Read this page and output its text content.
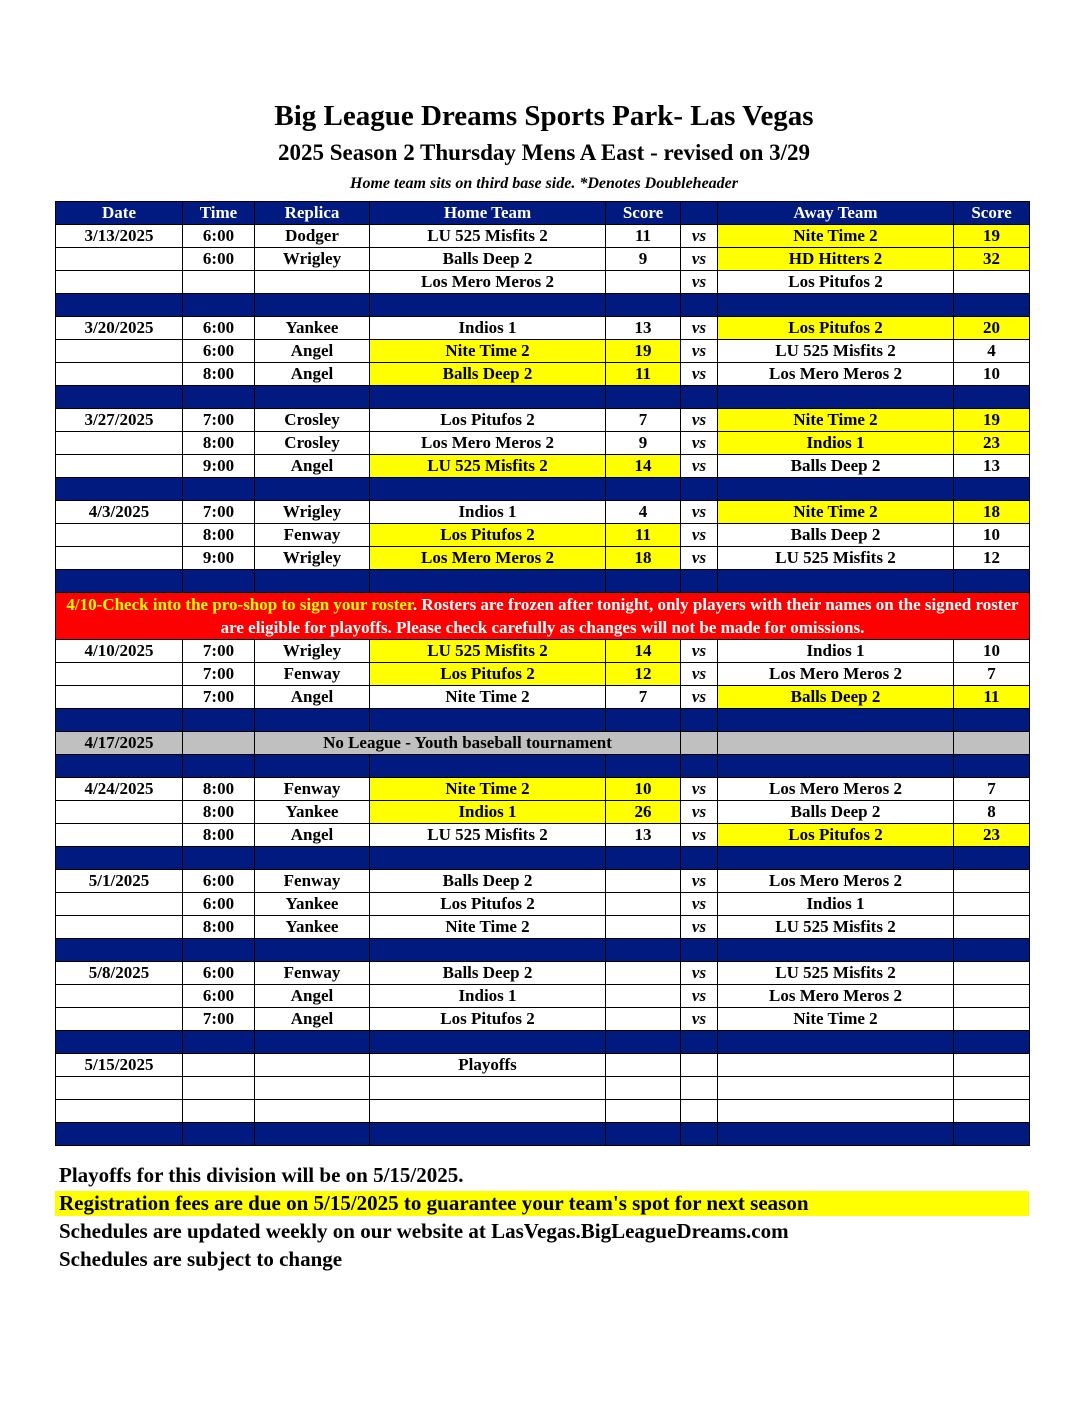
Big League Dreams Sports Park- Las Vegas
2025 Season 2 Thursday Mens A East - revised on 3/29
Home team sits on third base side. *Denotes Doubleheader
Date	Time	Replica	Home Team	Score		Away Team	Score
3/13/2025	6:00	Dodger	LU 525 Misfits 2	11	vs	Nite Time 2	19
	6:00	Wrigley	Balls Deep 2	9	vs	HD Hitters 2	32
			Los Mero Meros 2		vs	Los Pitufos 2	

3/20/2025	6:00	Yankee	Indios 1	13	vs	Los Pitufos 2	20
	6:00	Angel	Nite Time 2	19	vs	LU 525 Misfits 2	4
	8:00	Angel	Balls Deep 2	11	vs	Los Mero Meros 2	10

3/27/2025	7:00	Crosley	Los Pitufos 2	7	vs	Nite Time 2	19
	8:00	Crosley	Los Mero Meros 2	9	vs	Indios 1	23
	9:00	Angel	LU 525 Misfits 2	14	vs	Balls Deep 2	13

4/3/2025	7:00	Wrigley	Indios 1	4	vs	Nite Time 2	18
	8:00	Fenway	Los Pitufos 2	11	vs	Balls Deep 2	10
	9:00	Wrigley	Los Mero Meros 2	18	vs	LU 525 Misfits 2	12

4/10-Check into the pro-shop to sign your roster. Rosters are frozen after tonight, only players with their names on the signed roster are eligible for playoffs. Please check carefully as changes will not be made for omissions.							
4/10/2025	7:00	Wrigley	LU 525 Misfits 2	14	vs	Indios 1	10
	7:00	Fenway	Los Pitufos 2	12	vs	Los Mero Meros 2	7
	7:00	Angel	Nite Time 2	7	vs	Balls Deep 2	11

4/17/2025		No League - Youth baseball tournament					

4/24/2025	8:00	Fenway	Nite Time 2	10	vs	Los Mero Meros 2	7
	8:00	Yankee	Indios 1	26	vs	Balls Deep 2	8
	8:00	Angel	LU 525 Misfits 2	13	vs	Los Pitufos 2	23

5/1/2025	6:00	Fenway	Balls Deep 2		vs	Los Mero Meros 2	
	6:00	Yankee	Los Pitufos 2		vs	Indios 1	
	8:00	Yankee	Nite Time 2		vs	LU 525 Misfits 2	

5/8/2025	6:00	Fenway	Balls Deep 2		vs	LU 525 Misfits 2	
	6:00	Angel	Indios 1		vs	Los Mero Meros 2	
	7:00	Angel	Los Pitufos 2		vs	Nite Time 2	

5/15/2025			Playoffs				

Playoffs for this division will be on 5/15/2025.
Registration fees are due on 5/15/2025 to guarantee your team's spot for next season
Schedules are updated weekly on our website at LasVegas.BigLeagueDreams.com
Schedules are subject to change
